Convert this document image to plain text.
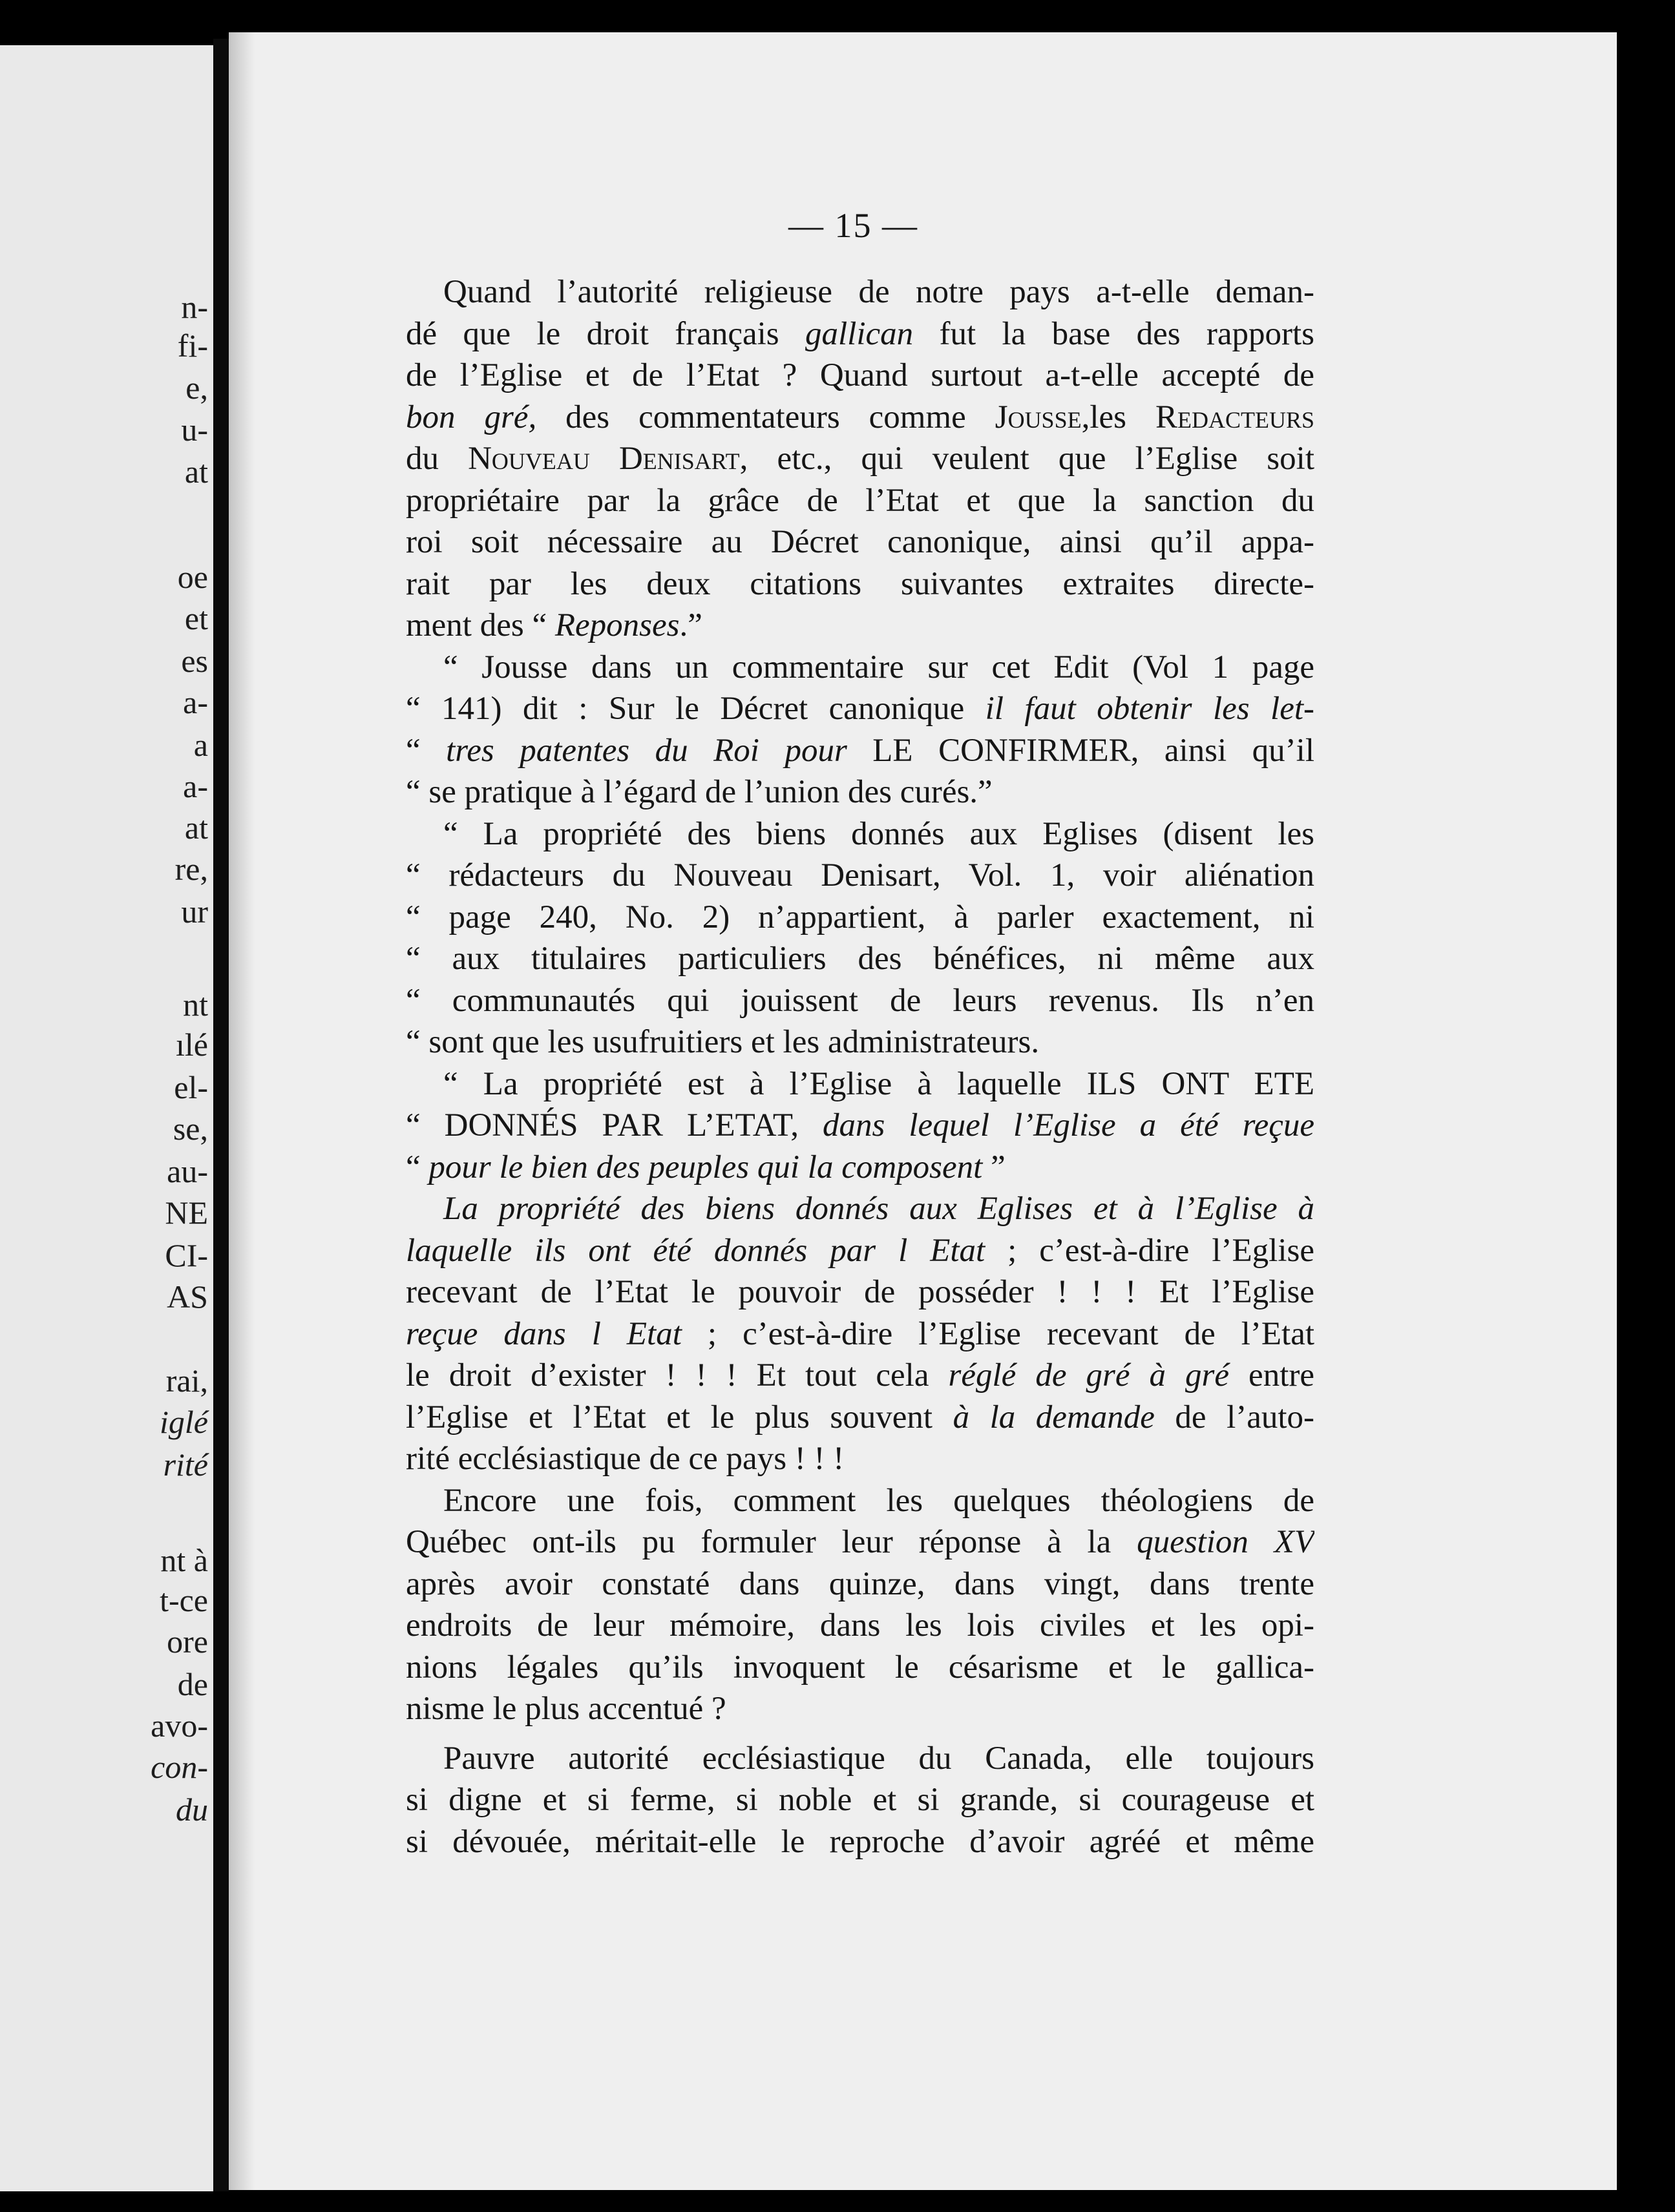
n-
fi-
e,
u-
at
oe
et
es
a-
a
a-
at
re,
ur
nt
ılé
el-
se,
au-
NE
CI-
AS
rai,
iglé
rité
nt à
t-ce
ore
de
avo-
con-
du
— 15 —

Quand l’autorité religieuse de notre pays a-t-elle deman-

dé que le droit français gallican fut la base des rapports

de l’Eglise et de l’Etat ? Quand surtout a-t-elle accepté de

bon gré, des commentateurs comme Jousse,les Redacteurs

du Nouveau Denisart, etc., qui veulent que l’Eglise soit

propriétaire par la grâce de l’Etat et que la sanction du

roi soit nécessaire au Décret canonique, ainsi qu’il appa-

rait par les deux citations suivantes extraites directe-

ment des “ Reponses.”

“ Jousse dans un commentaire sur cet Edit (Vol 1 page

“ 141) dit : Sur le Décret canonique il faut obtenir les let-

“ tres patentes du Roi pour LE CONFIRMER, ainsi qu’il

“ se pratique à l’égard de l’union des curés.”

“ La propriété des biens donnés aux Eglises (disent les

“ rédacteurs du Nouveau Denisart, Vol. 1, voir aliénation

“ page 240, No. 2) n’appartient, à parler exactement, ni

“ aux titulaires particuliers des bénéfices, ni même aux

“ communautés qui jouissent de leurs revenus. Ils n’en

“ sont que les usufruitiers et les administrateurs.

“ La propriété est à l’Eglise à laquelle ILS ONT ETE

“ DONNÉS PAR L’ETAT, dans lequel l’Eglise a été reçue

“ pour le bien des peuples qui la composent ”

La propriété des biens donnés aux Eglises et à l’Eglise à

laquelle ils ont été donnés par l Etat ; c’est-à-dire l’Eglise

recevant de l’Etat le pouvoir de posséder ! ! ! Et l’Eglise

reçue dans l Etat ; c’est-à-dire l’Eglise recevant de l’Etat

le droit d’exister ! ! ! Et tout cela réglé de gré à gré entre

l’Eglise et l’Etat et le plus souvent à la demande de l’auto-

rité ecclésiastique de ce pays ! ! !

Encore une fois, comment les quelques théologiens de

Québec ont-ils pu formuler leur réponse à la question XV

après avoir constaté dans quinze, dans vingt, dans trente

endroits de leur mémoire, dans les lois civiles et les opi-

nions légales qu’ils invoquent le césarisme et le gallica-

nisme le plus accentué ?

Pauvre autorité ecclésiastique du Canada, elle toujours

si digne et si ferme, si noble et si grande, si courageuse et

si dévouée, méritait-elle le reproche d’avoir agréé et même
